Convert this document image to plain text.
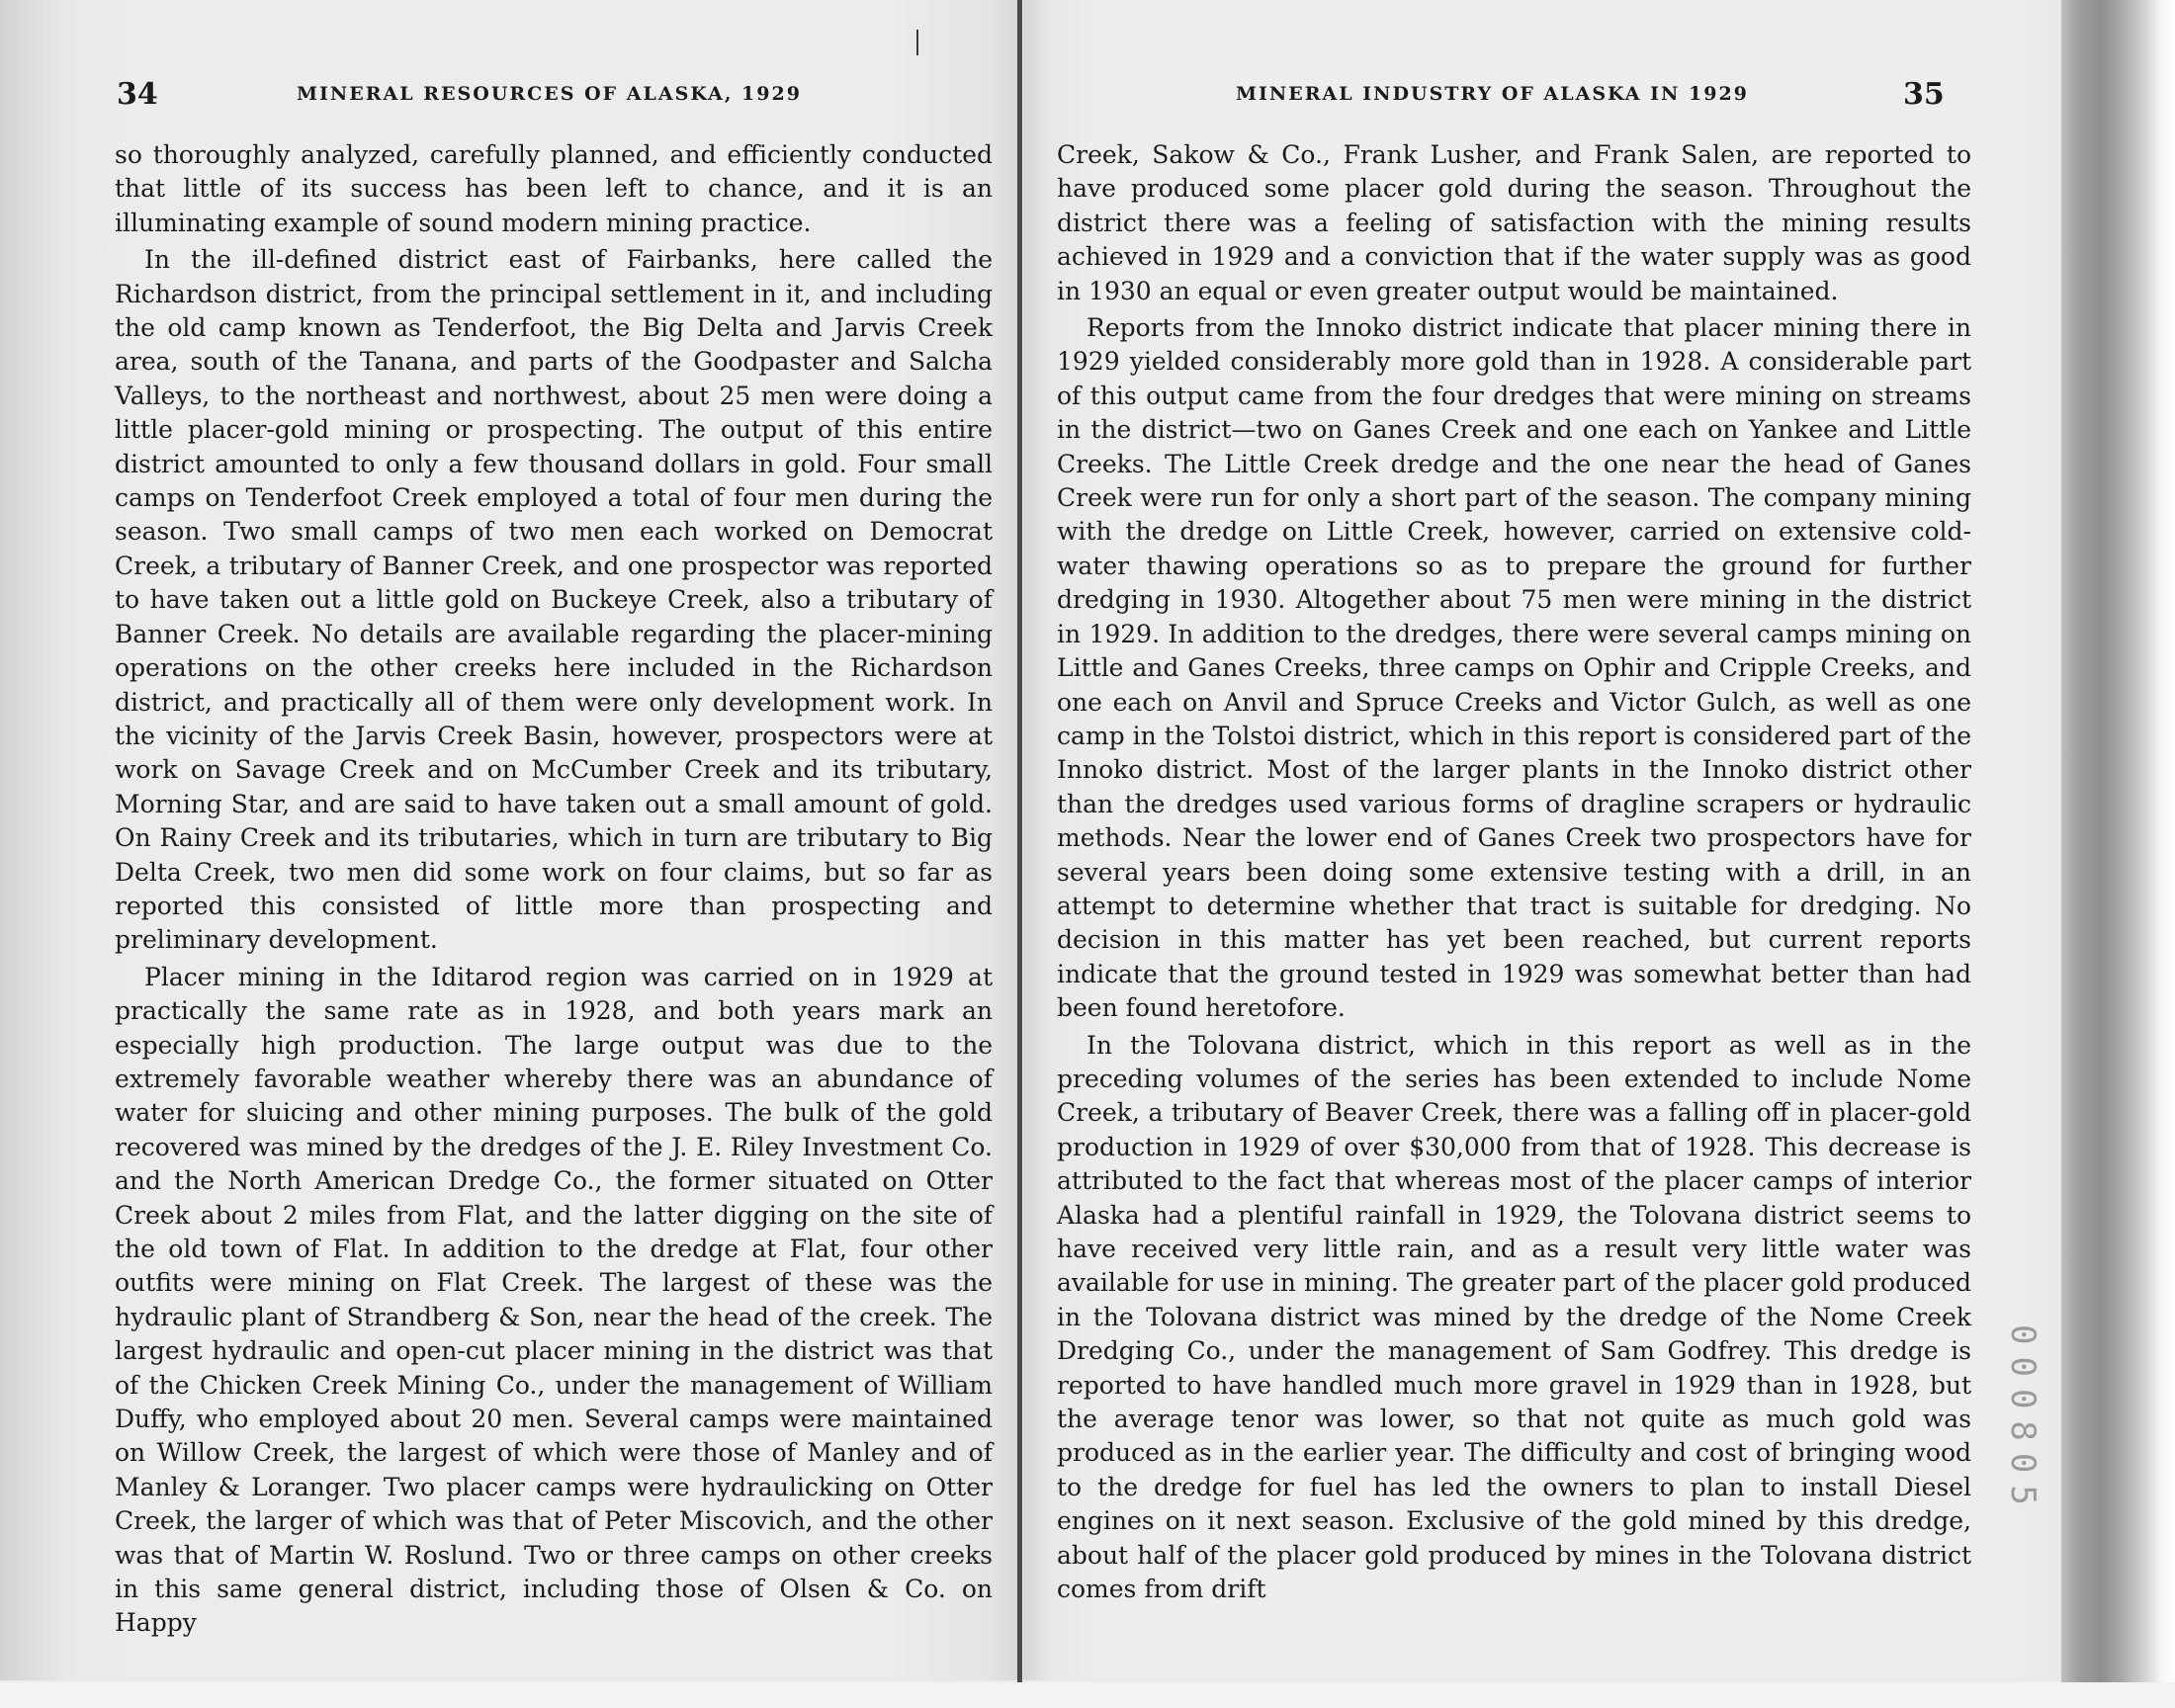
34	MINERAL RESOURCES OF ALASKA, 1929

so thoroughly analyzed, carefully planned, and efficiently conducted that little of its success has been left to chance, and it is an illuminating example of sound modern mining practice.

In the ill-defined district east of Fairbanks, here called the Richardson district, from the principal settlement in it, and including the old camp known as Tenderfoot, the Big Delta and Jarvis Creek area, south of the Tanana, and parts of the Goodpaster and Salcha Valleys, to the northeast and northwest, about 25 men were doing a little placer-gold mining or prospecting. The output of this entire district amounted to only a few thousand dollars in gold. Four small camps on Tenderfoot Creek employed a total of four men during the season. Two small camps of two men each worked on Democrat Creek, a tributary of Banner Creek, and one prospector was reported to have taken out a little gold on Buckeye Creek, also a tributary of Banner Creek. No details are available regarding the placer-mining operations on the other creeks here included in the Richardson district, and practically all of them were only development work. In the vicinity of the Jarvis Creek Basin, however, prospectors were at work on Savage Creek and on McCumber Creek and its tributary, Morning Star, and are said to have taken out a small amount of gold. On Rainy Creek and its tributaries, which in turn are tributary to Big Delta Creek, two men did some work on four claims, but so far as reported this consisted of little more than prospecting and preliminary development.

Placer mining in the Iditarod region was carried on in 1929 at practically the same rate as in 1928, and both years mark an especially high production. The large output was due to the extremely favorable weather whereby there was an abundance of water for sluicing and other mining purposes. The bulk of the gold recovered was mined by the dredges of the J. E. Riley Investment Co. and the North American Dredge Co., the former situated on Otter Creek about 2 miles from Flat, and the latter digging on the site of the old town of Flat. In addition to the dredge at Flat, four other outfits were mining on Flat Creek. The largest of these was the hydraulic plant of Strandberg & Son, near the head of the creek. The largest hydraulic and open-cut placer mining in the district was that of the Chicken Creek Mining Co., under the management of William Duffy, who employed about 20 men. Several camps were maintained on Willow Creek, the largest of which were those of Manley and of Manley & Loranger. Two placer camps were hydraulicking on Otter Creek, the larger of which was that of Peter Miscovich, and the other was that of Martin W. Roslund. Two or three camps on other creeks in this same general district, including those of Olsen & Co. on Happy

MINERAL INDUSTRY OF ALASKA IN 1929	35

Creek, Sakow & Co., Frank Lusher, and Frank Salen, are reported to have produced some placer gold during the season. Throughout the district there was a feeling of satisfaction with the mining results achieved in 1929 and a conviction that if the water supply was as good in 1930 an equal or even greater output would be maintained.

Reports from the Innoko district indicate that placer mining there in 1929 yielded considerably more gold than in 1928. A considerable part of this output came from the four dredges that were mining on streams in the district—two on Ganes Creek and one each on Yankee and Little Creeks. The Little Creek dredge and the one near the head of Ganes Creek were run for only a short part of the season. The company mining with the dredge on Little Creek, however, carried on extensive cold-water thawing operations so as to prepare the ground for further dredging in 1930. Altogether about 75 men were mining in the district in 1929. In addition to the dredges, there were several camps mining on Little and Ganes Creeks, three camps on Ophir and Cripple Creeks, and one each on Anvil and Spruce Creeks and Victor Gulch, as well as one camp in the Tolstoi district, which in this report is considered part of the Innoko district. Most of the larger plants in the Innoko district other than the dredges used various forms of dragline scrapers or hydraulic methods. Near the lower end of Ganes Creek two prospectors have for several years been doing some extensive testing with a drill, in an attempt to determine whether that tract is suitable for dredging. No decision in this matter has yet been reached, but current reports indicate that the ground tested in 1929 was somewhat better than had been found heretofore.

In the Tolovana district, which in this report as well as in the preceding volumes of the series has been extended to include Nome Creek, a tributary of Beaver Creek, there was a falling off in placer-gold production in 1929 of over $30,000 from that of 1928. This decrease is attributed to the fact that whereas most of the placer camps of interior Alaska had a plentiful rainfall in 1929, the Tolovana district seems to have received very little rain, and as a result very little water was available for use in mining. The greater part of the placer gold produced in the Tolovana district was mined by the dredge of the Nome Creek Dredging Co., under the management of Sam Godfrey. This dredge is reported to have handled much more gravel in 1929 than in 1928, but the average tenor was lower, so that not quite as much gold was produced as in the earlier year. The difficulty and cost of bringing wood to the dredge for fuel has led the owners to plan to install Diesel engines on it next season. Exclusive of the gold mined by this dredge, about half of the placer gold produced by mines in the Tolovana district comes from drift

000805
